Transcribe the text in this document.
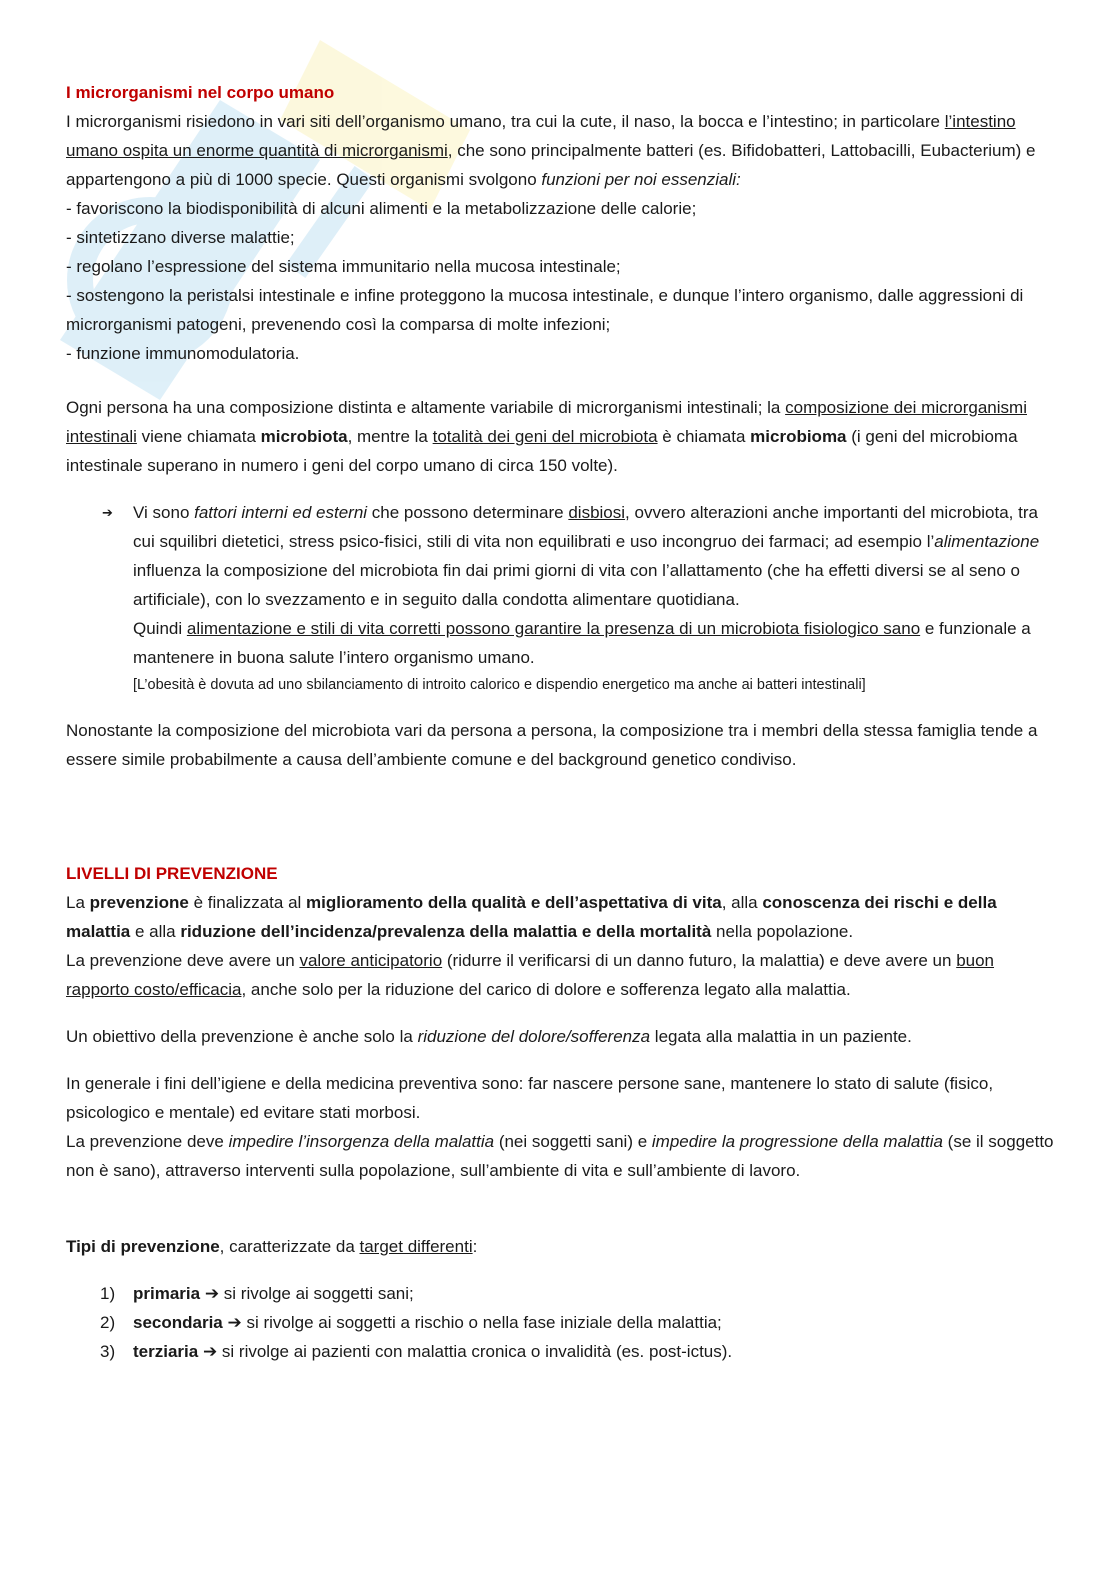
I microrganismi nel corpo umano

I microrganismi risiedono in vari siti dell’organismo umano, tra cui la cute, il naso, la bocca e l’intestino; in particolare l’intestino umano ospita un enorme quantità di microrganismi, che sono principalmente batteri (es. Bifidobatteri, Lattobacilli, Eubacterium) e appartengono a più di 1000 specie. Questi organismi svolgono funzioni per noi essenziali:

- favoriscono la biodisponibilità di alcuni alimenti e la metabolizzazione delle calorie;

- sintetizzano diverse malattie;

- regolano l’espressione del sistema immunitario nella mucosa intestinale;

- sostengono la peristalsi intestinale e infine proteggono la mucosa intestinale, e dunque l’intero organismo, dalle aggressioni di microrganismi patogeni, prevenendo così la comparsa di molte infezioni;

- funzione immunomodulatoria.

Ogni persona ha una composizione distinta e altamente variabile di microrganismi intestinali; la composizione dei microrganismi intestinali viene chiamata microbiota, mentre la totalità dei geni del microbiota è chiamata microbioma (i geni del microbioma intestinale superano in numero i geni del corpo umano di circa 150 volte).

➔ Vi sono fattori interni ed esterni che possono determinare disbiosi, ovvero alterazioni anche importanti del microbiota, tra cui squilibri dietetici, stress psico-fisici, stili di vita non equilibrati e uso incongruo dei farmaci; ad esempio l’alimentazione influenza la composizione del microbiota fin dai primi giorni di vita con l’allattamento (che ha effetti diversi se al seno o artificiale), con lo svezzamento e in seguito dalla condotta alimentare quotidiana.

Quindi alimentazione e stili di vita corretti possono garantire la presenza di un microbiota fisiologico sano e funzionale a mantenere in buona salute l’intero organismo umano.

[L’obesità è dovuta ad uno sbilanciamento di introito calorico e dispendio energetico ma anche ai batteri intestinali]

Nonostante la composizione del microbiota vari da persona a persona, la composizione tra i membri della stessa famiglia tende a essere simile probabilmente a causa dell’ambiente comune e del background genetico condiviso.

LIVELLI DI PREVENZIONE

La prevenzione è finalizzata al miglioramento della qualità e dell’aspettativa di vita, alla conoscenza dei rischi e della malattia e alla riduzione dell’incidenza/prevalenza della malattia e della mortalità nella popolazione.

La prevenzione deve avere un valore anticipatorio (ridurre il verificarsi di un danno futuro, la malattia) e deve avere un buon rapporto costo/efficacia, anche solo per la riduzione del carico di dolore e sofferenza legato alla malattia.

Un obiettivo della prevenzione è anche solo la riduzione del dolore/sofferenza legata alla malattia in un paziente.

In generale i fini dell’igiene e della medicina preventiva sono: far nascere persone sane, mantenere lo stato di salute (fisico, psicologico e mentale) ed evitare stati morbosi.

La prevenzione deve impedire l’insorgenza della malattia (nei soggetti sani) e impedire la progressione della malattia (se il soggetto non è sano), attraverso interventi sulla popolazione, sull’ambiente di vita e sull’ambiente di lavoro.

Tipi di prevenzione, caratterizzate da target differenti:

1) primaria ➔ si rivolge ai soggetti sani;
2) secondaria ➔ si rivolge ai soggetti a rischio o nella fase iniziale della malattia;
3) terziaria ➔ si rivolge ai pazienti con malattia cronica o invalidità (es. post-ictus).
